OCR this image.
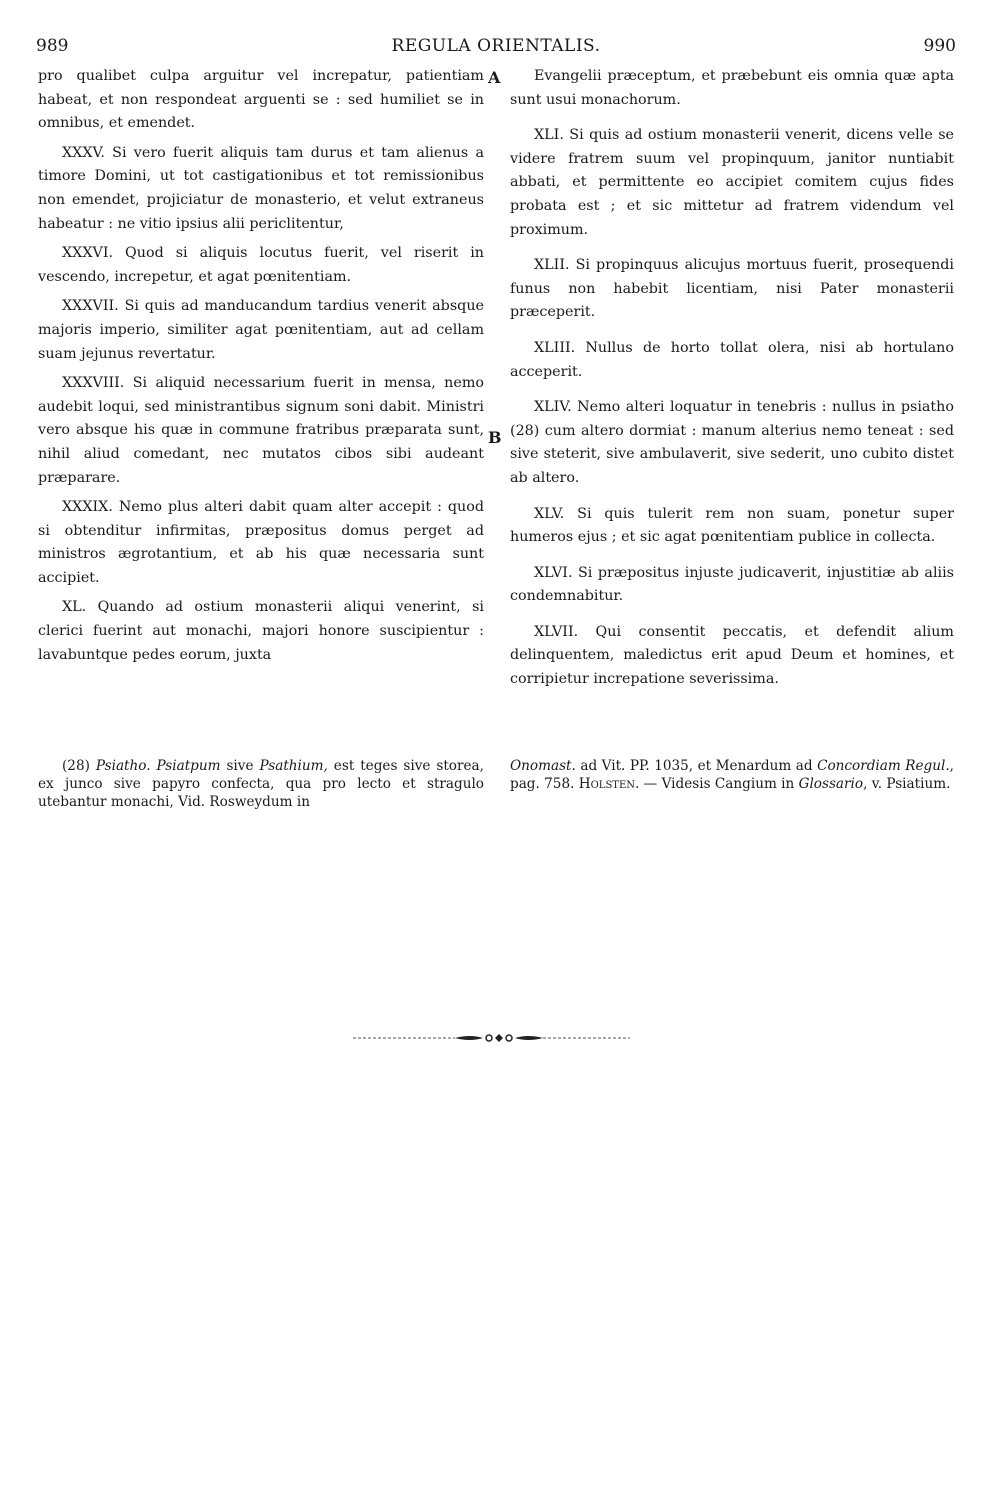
989	REGULA ORIENTALIS.	990
A
B

pro qualibet culpa arguitur vel increpatur, patientiam habeat, et non respondeat arguenti se : sed humiliet se in omnibus, et emendet.

XXXV. Si vero fuerit aliquis tam durus et tam alienus a timore Domini, ut tot castigationibus et tot remissionibus non emendet, projiciatur de monasterio, et velut extraneus habeatur : ne vitio ipsius alii periclitentur,

XXXVI. Quod si aliquis locutus fuerit, vel riserit in vescendo, increpetur, et agat pœnitentiam.

XXXVII. Si quis ad manducandum tardius venerit absque majoris imperio, similiter agat pœnitentiam, aut ad cellam suam jejunus revertatur.

XXXVIII. Si aliquid necessarium fuerit in mensa, nemo audebit loqui, sed ministrantibus signum soni dabit. Ministri vero absque his quæ in commune fratribus præparata sunt, nihil aliud comedant, nec mutatos cibos sibi audeant præparare.

XXXIX. Nemo plus alteri dabit quam alter accepit : quod si obtenditur infirmitas, præpositus domus perget ad ministros ægrotantium, et ab his quæ necessaria sunt accipiet.

XL. Quando ad ostium monasterii aliqui venerint, si clerici fuerint aut monachi, majori honore suscipientur : lavabuntque pedes eorum, juxta

Evangelii præceptum, et præbebunt eis omnia quæ apta sunt usui monachorum.

XLI. Si quis ad ostium monasterii venerit, dicens velle se videre fratrem suum vel propinquum, janitor nuntiabit abbati, et permittente eo accipiet comitem cujus fides probata est ; et sic mittetur ad fratrem videndum vel proximum.

XLII. Si propinquus alicujus mortuus fuerit, prosequendi funus non habebit licentiam, nisi Pater monasterii præceperit.

XLIII. Nullus de horto tollat olera, nisi ab hortulano acceperit.

XLIV. Nemo alteri loquatur in tenebris : nullus in psiatho (28) cum altero dormiat : manum alterius nemo teneat : sed sive steterit, sive ambulaverit, sive sederit, uno cubito distet ab altero.

XLV. Si quis tulerit rem non suam, ponetur super humeros ejus ; et sic agat pœnitentiam publice in collecta.

XLVI. Si præpositus injuste judicaverit, injustitiæ ab aliis condemnabitur.

XLVII. Qui consentit peccatis, et defendit alium delinquentem, maledictus erit apud Deum et homines, et corripietur increpatione severissima.

(28) Psiatho. Psiatpum sive Psathium, est teges sive storea, ex junco sive papyro confecta, qua pro lecto et stragulo utebantur monachi, Vid. Rosweydum in

Onomast. ad Vit. PP. 1035, et Menardum ad Concordiam Regul., pag. 758. Holsten. — Videsis Cangium in Glossario, v. Psiatium.
